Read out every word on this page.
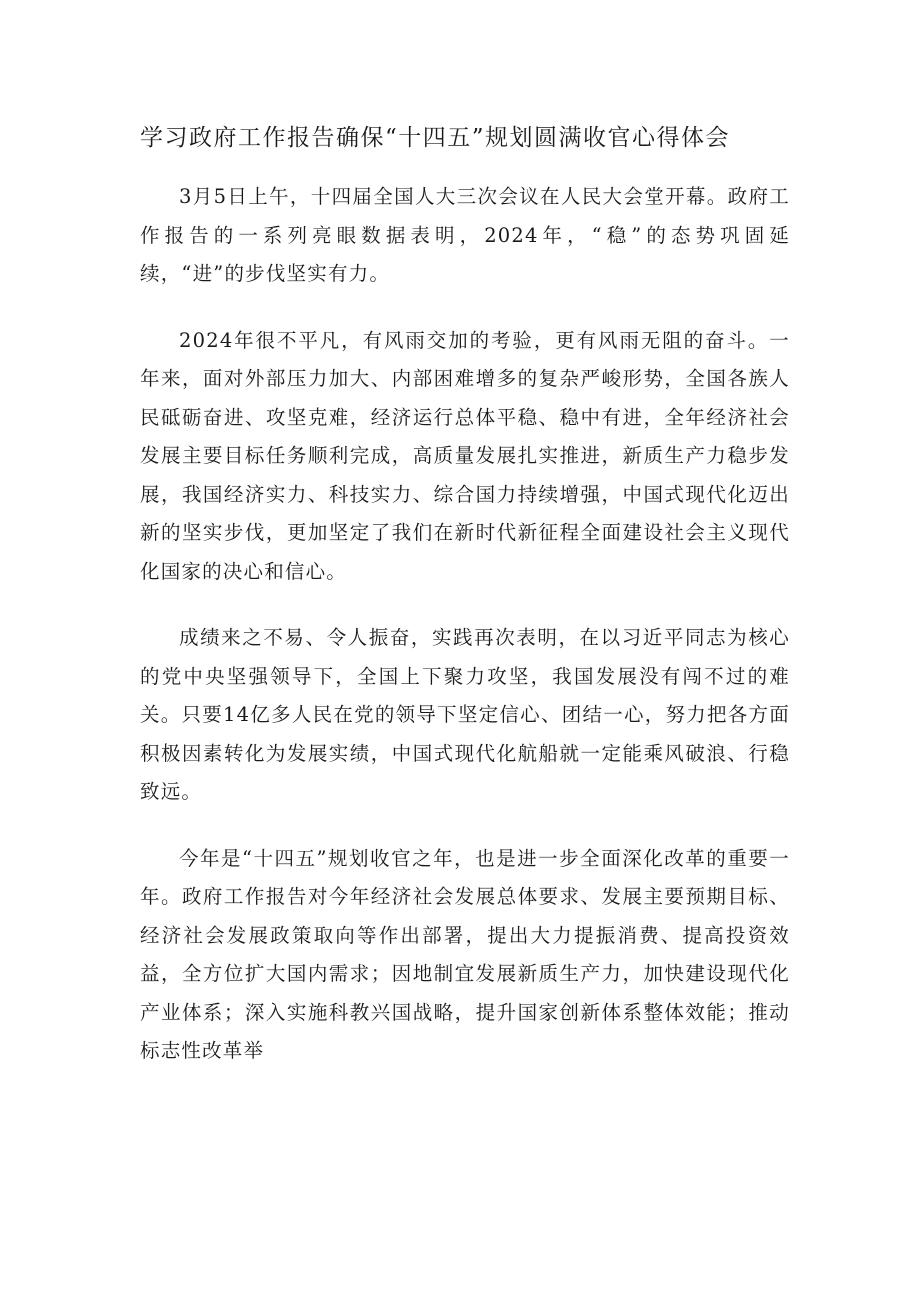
学习政府工作报告确保“十四五”规划圆满收官心得体会

3月5日上午，十四届全国人大三次会议在人民大会堂开幕。政府工作报告的一系列亮眼数据表明，2024年，“稳”的态势巩固延续，“进”的步伐坚实有力。

2024年很不平凡，有风雨交加的考验，更有风雨无阻的奋斗。一年来，面对外部压力加大、内部困难增多的复杂严峻形势，全国各族人民砥砺奋进、攻坚克难，经济运行总体平稳、稳中有进，全年经济社会发展主要目标任务顺利完成，高质量发展扎实推进，新质生产力稳步发展，我国经济实力、科技实力、综合国力持续增强，中国式现代化迈出新的坚实步伐，更加坚定了我们在新时代新征程全面建设社会主义现代化国家的决心和信心。

成绩来之不易、令人振奋，实践再次表明，在以习近平同志为核心的党中央坚强领导下，全国上下聚力攻坚，我国发展没有闯不过的难关。只要14亿多人民在党的领导下坚定信心、团结一心，努力把各方面积极因素转化为发展实绩，中国式现代化航船就一定能乘风破浪、行稳致远。

今年是“十四五”规划收官之年，也是进一步全面深化改革的重要一年。政府工作报告对今年经济社会发展总体要求、发展主要预期目标、经济社会发展政策取向等作出部署，提出大力提振消费、提高投资效益，全方位扩大国内需求；因地制宜发展新质生产力，加快建设现代化产业体系；深入实施科教兴国战略，提升国家创新体系整体效能；推动标志性改革举
